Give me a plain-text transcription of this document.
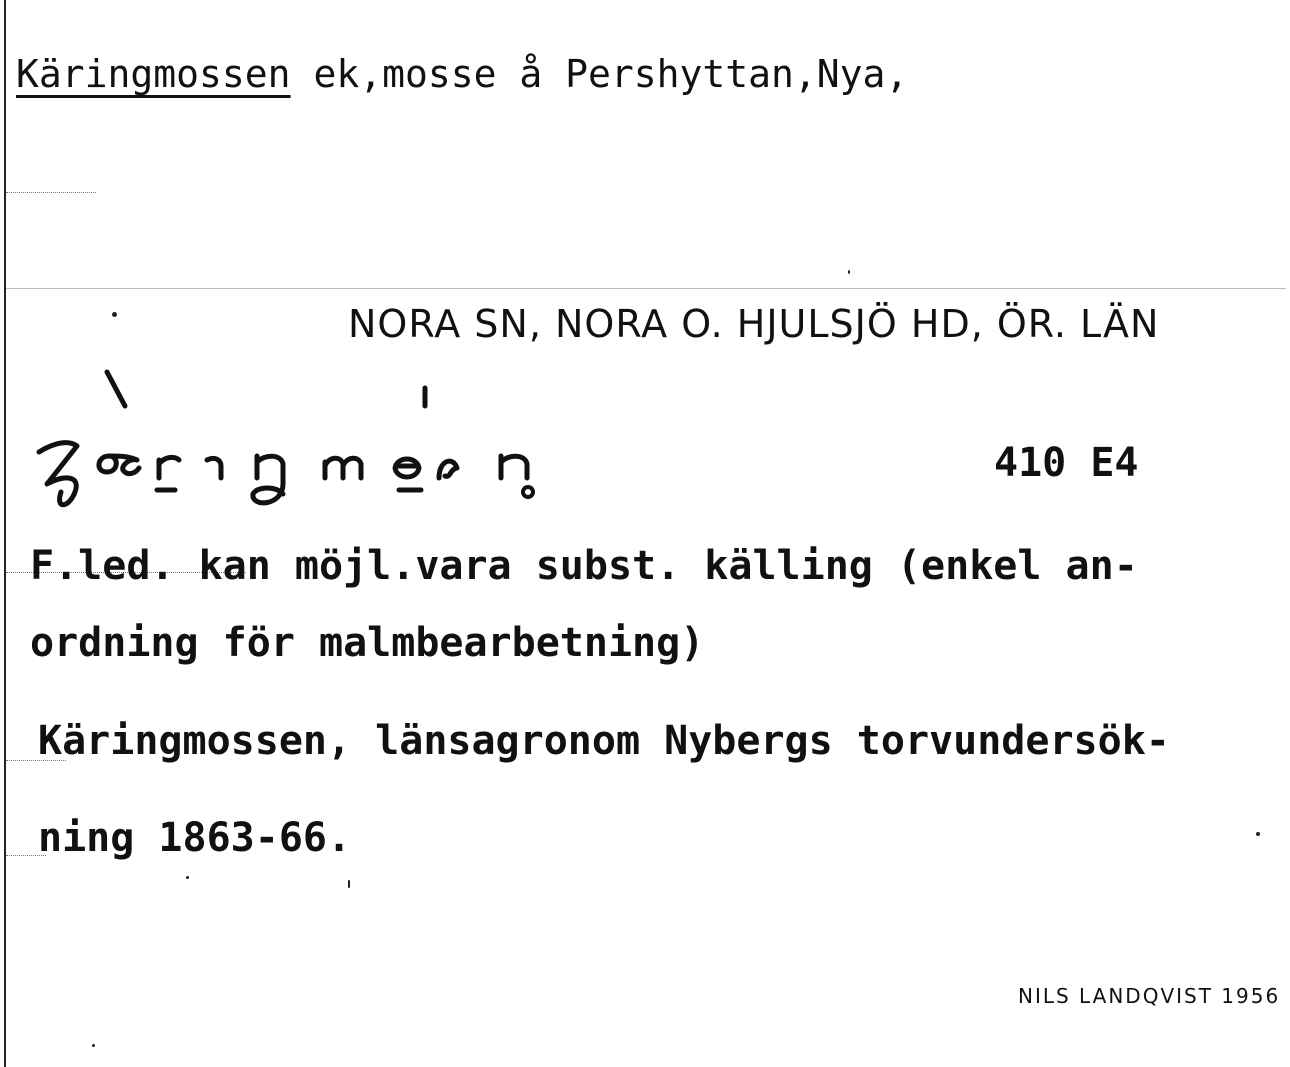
Käringmossen ek,mosse å Pershyttan,Nya,
NORA SN, NORA O. HJULSJÖ HD, ÖR. LÄN
410 E4
F.led. kan möjl.vara subst. källing (enkel an-
ordning för malmbearbetning)
Käringmossen, länsagronom Nybergs torvundersök-
ning 1863-66.
NILS LANDQVIST 1956
